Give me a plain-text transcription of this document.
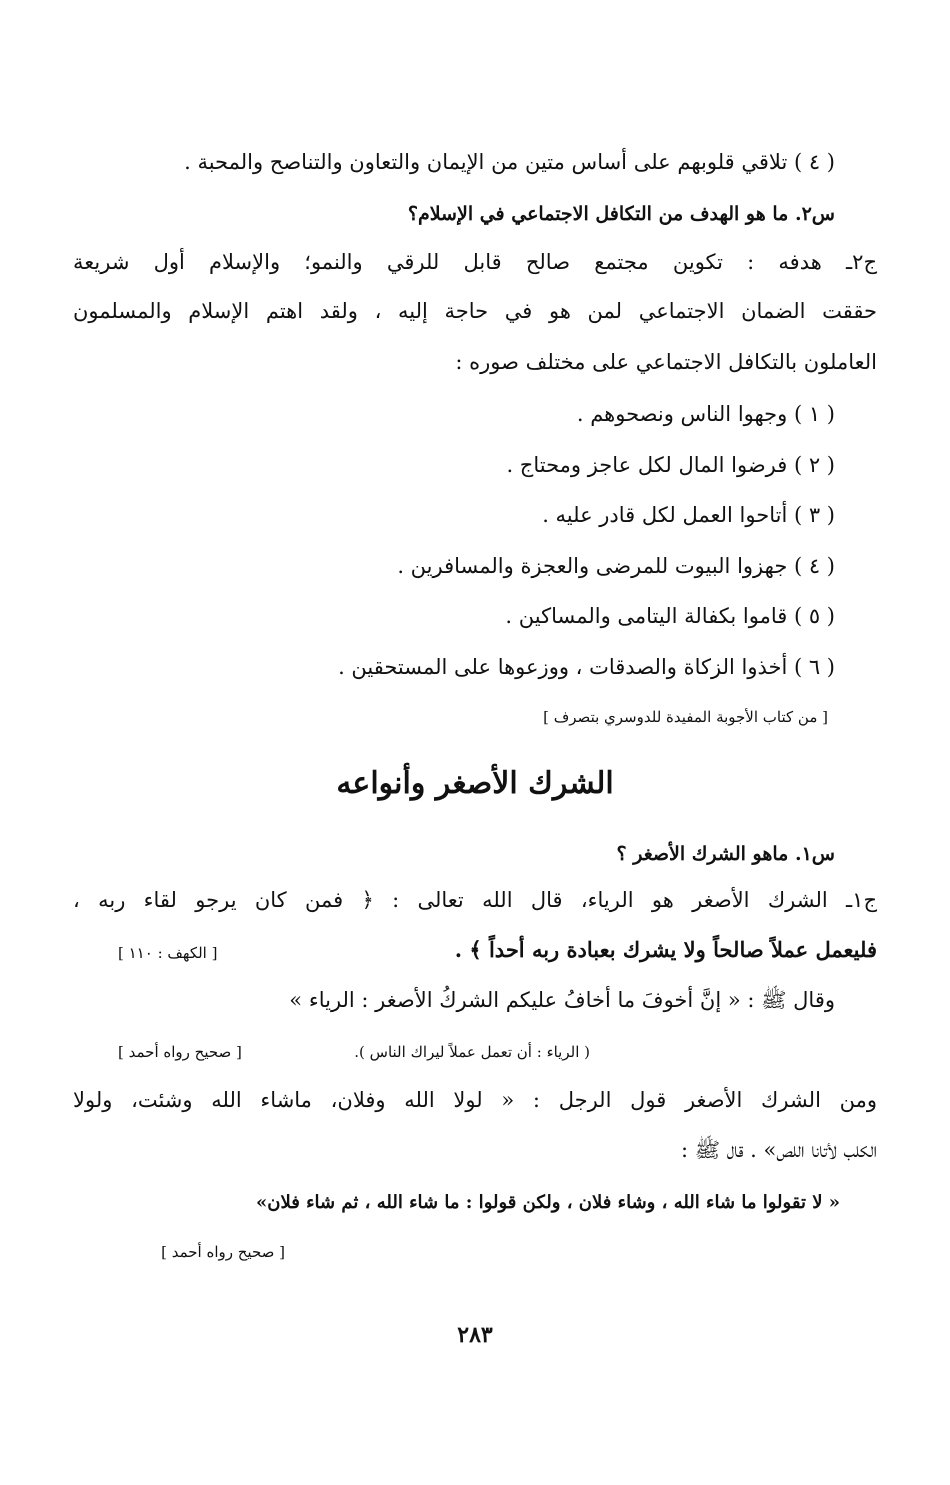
( ٤ ) تلاقي قلوبهم على أساس متين من الإيمان والتعاون والتناصح والمحبة .
س٢. ما هو الهدف من التكافل الاجتماعي في الإسلام؟
ج٢ـ هدفه : تكوين مجتمع صالح قابل للرقي والنمو؛ والإسلام أول شريعة
حققت الضمان الاجتماعي لمن هو في حاجة إليه ، ولقد اهتم الإسلام والمسلمون
العاملون بالتكافل الاجتماعي على مختلف صوره :
( ١ ) وجهوا الناس ونصحوهم .
( ٢ ) فرضوا المال لكل عاجز ومحتاج .
( ٣ ) أتاحوا العمل لكل قادر عليه .
( ٤ ) جهزوا البيوت للمرضى والعجزة والمسافرين .
( ٥ ) قاموا بكفالة اليتامى والمساكين .
( ٦ ) أخذوا الزكاة والصدقات ، ووزعوها على المستحقين .
[ من كتاب الأجوبة المفيدة للدوسري بتصرف ]
الشرك الأصغر وأنواعه
س١. ماهو الشرك الأصغر ؟
ج١ـ الشرك الأصغر هو الرياء، قال الله تعالى : ﴿ فمن كان يرجو لقاء ربه ،
فليعمل عملاً صالحاً ولا يشرك بعبادة ربه أحداً ﴾ .
[ الكهف : ١١٠ ]
وقال ﷺ : « إنَّ أخوفَ ما أخافُ عليكم الشركُ الأصغر : الرياء »
( الرياء : أن تعمل عملاً ليراك الناس ).
[ صحيح رواه أحمد ]
ومن الشرك الأصغر قول الرجل : « لولا الله وفلان، ماشاء الله وشئت، ولولا
الكلب لأتانا اللص» . قال ﷺ :
« لا تقولوا ما شاء الله ، وشاء فلان ، ولكن قولوا : ما شاء الله ، ثم شاء فلان»
[ صحيح رواه أحمد ]
٢٨٣
